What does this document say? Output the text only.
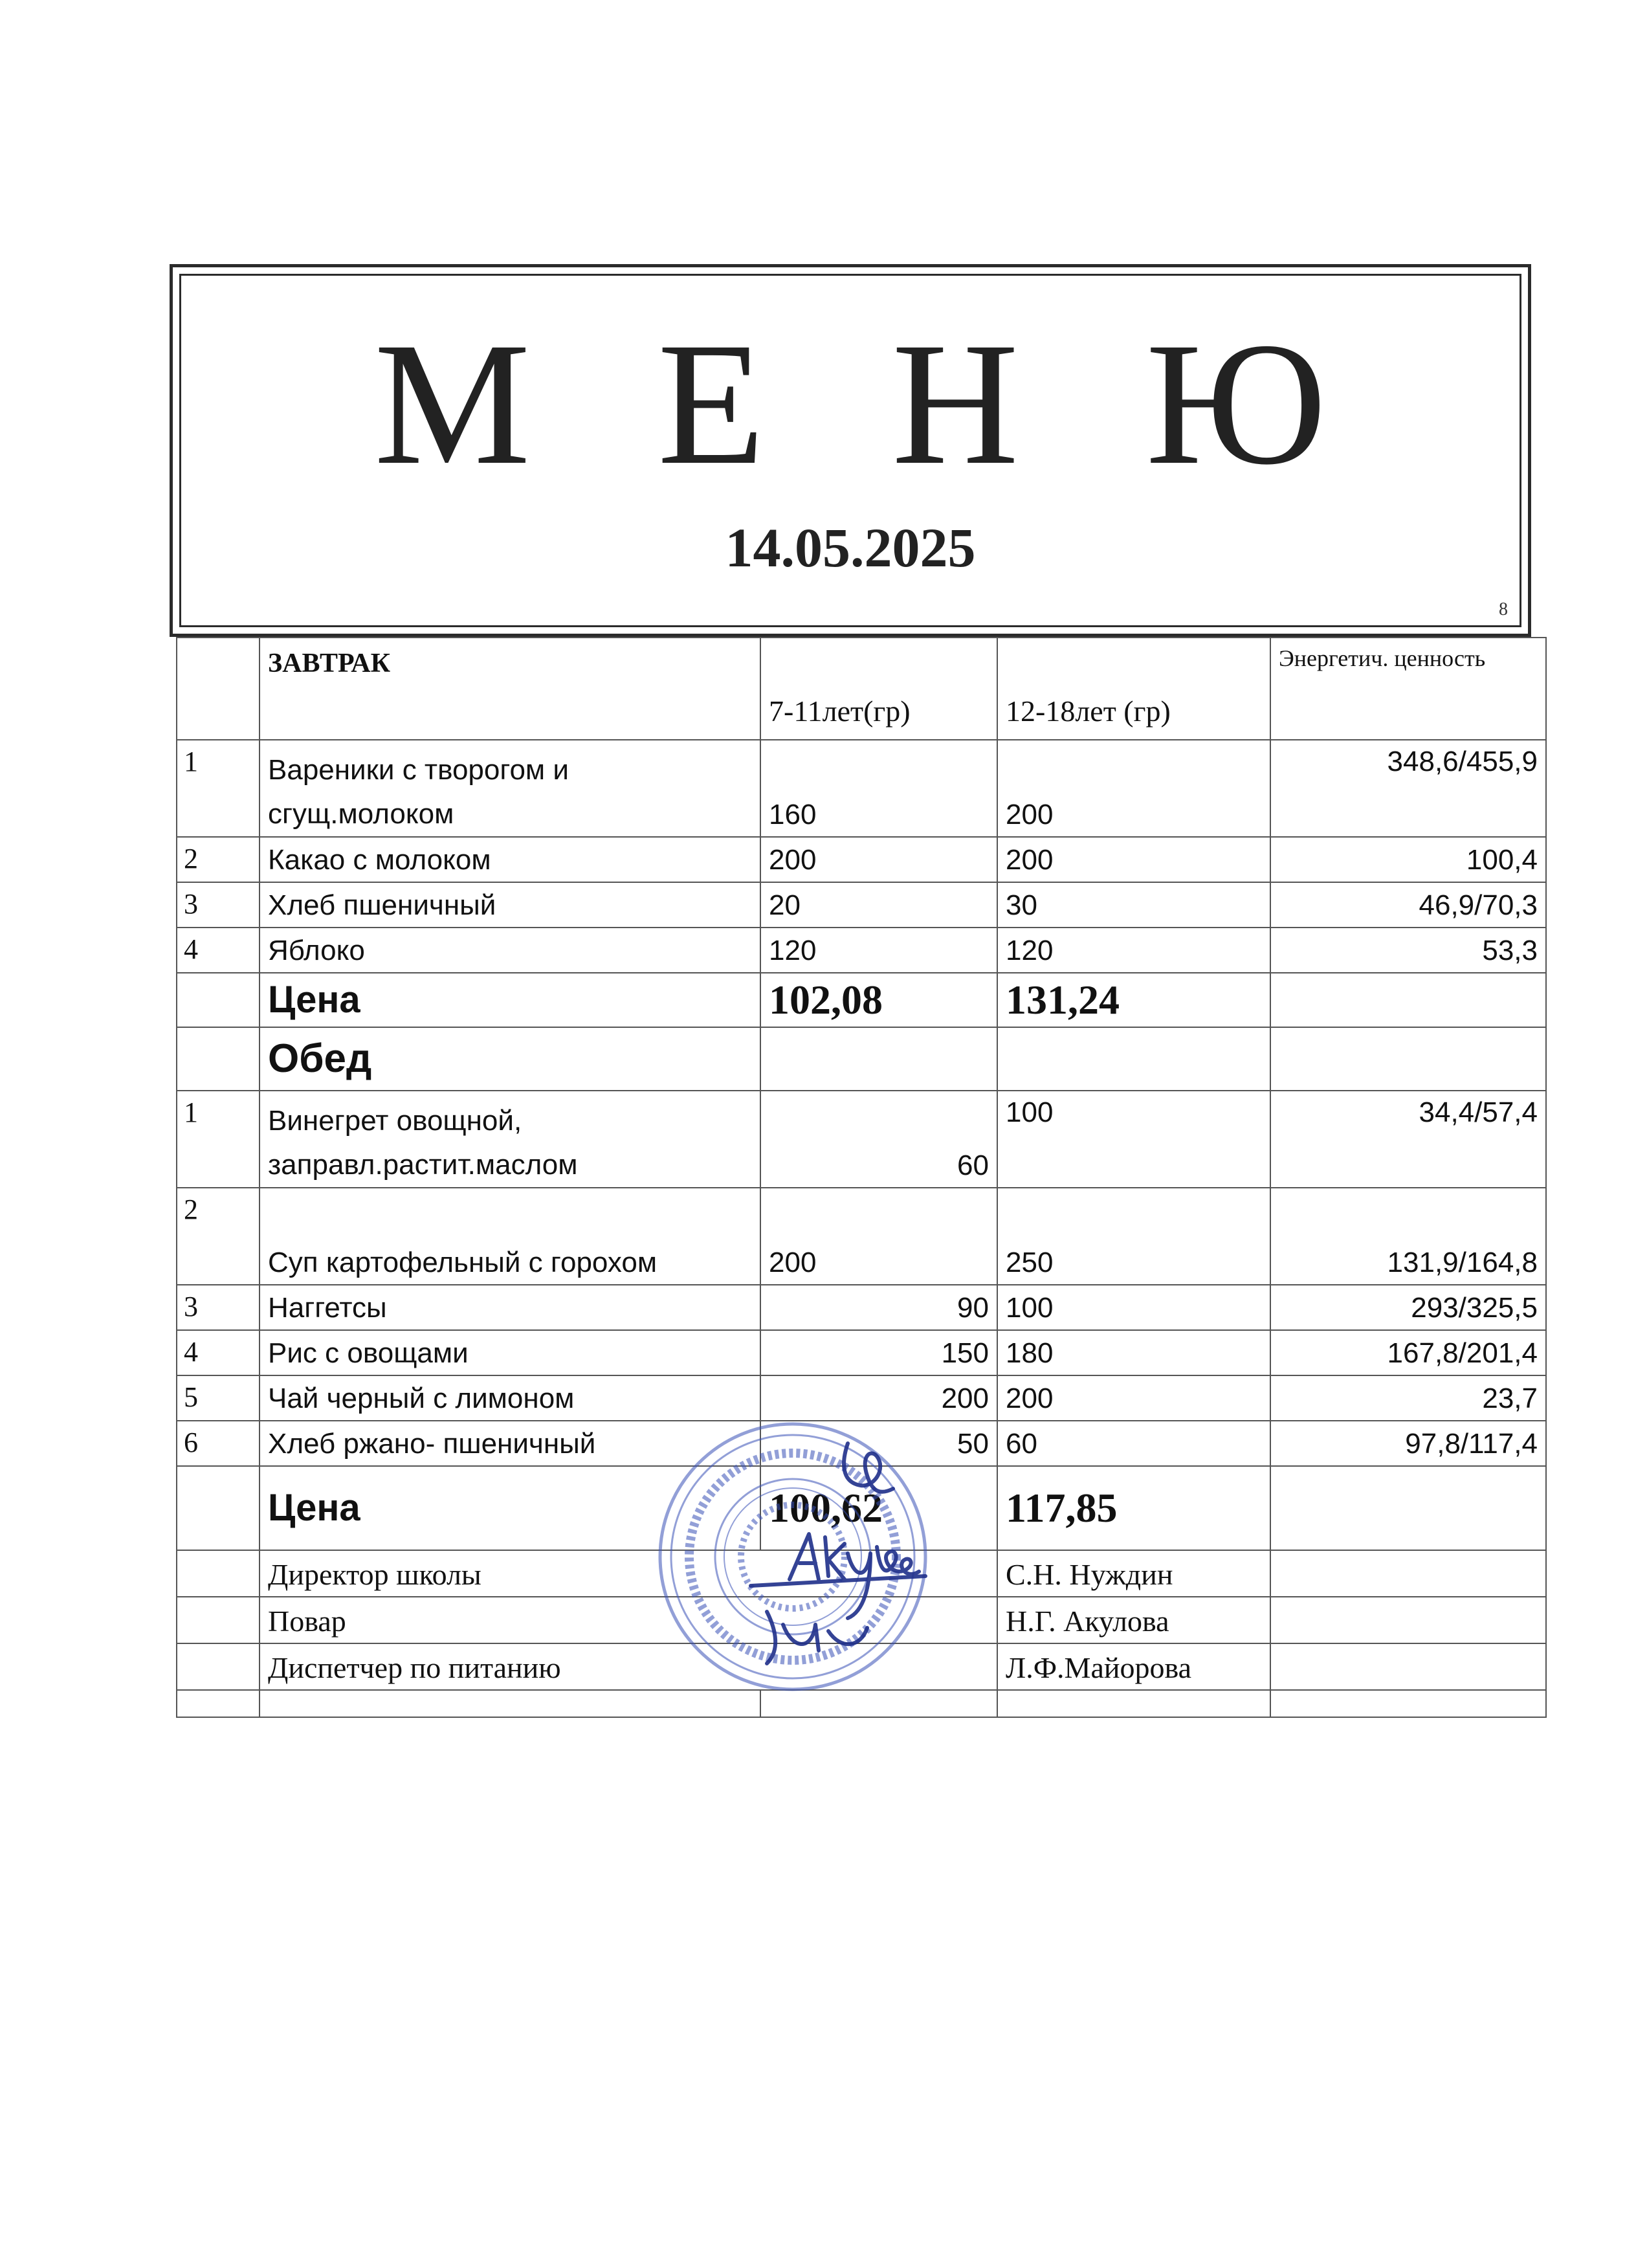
М Е Н Ю
14.05.2025
8
	ЗАВТРАК	7-11лет(гр)	12-18лет (гр)	Энергетич. ценность
1	Вареники с творогом и сгущ.молоком	160	200	348,6/455,9
2	Какао с молоком	200	200	100,4
3	Хлеб пшеничный	20	30	46,9/70,3
4	Яблоко	120	120	53,3
	Цена	102,08	131,24	
	Обед			
1	Винегрет овощной, заправл.растит.маслом	60	100	34,4/57,4
2	Суп картофельный с горохом	200	250	131,9/164,8
3	Наггетсы	90	100	293/325,5
4	Рис с овощами	150	180	167,8/201,4
5	Чай черный с лимоном	200	200	23,7
6	Хлеб ржано- пшеничный	50	60	97,8/117,4
	Цена	100,62	117,85	
	Директор школы		С.Н. Нуждин	
	Повар		Н.Г. Акулова	
	Диспетчер по питанию		Л.Ф.Майорова	
